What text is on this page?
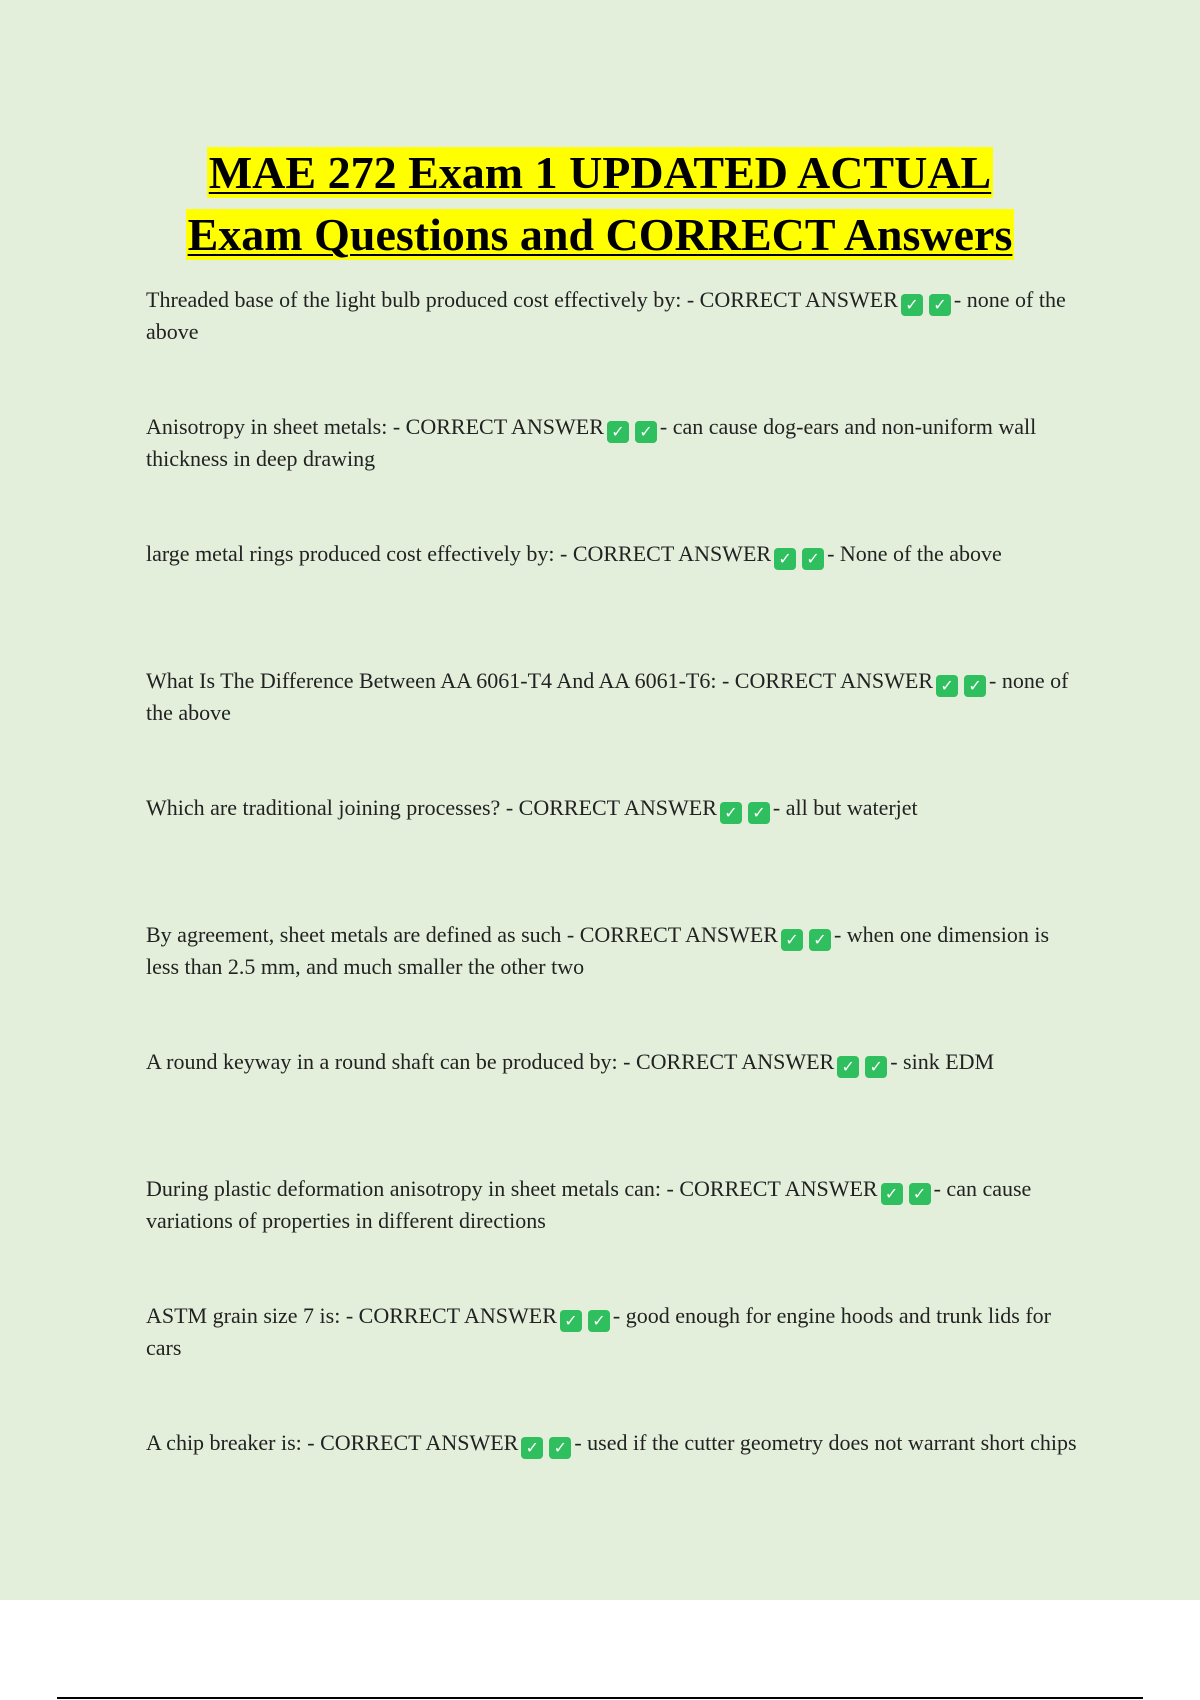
MAE 272 Exam 1 UPDATED ACTUAL
Exam Questions and CORRECT Answers

Threaded base of the light bulb produced cost effectively by: - CORRECT ANSWER ✓ ✓ - none of the above

Anisotropy in sheet metals: - CORRECT ANSWER ✓ ✓ - can cause dog-ears and non-uniform wall thickness in deep drawing

large metal rings produced cost effectively by: - CORRECT ANSWER ✓ ✓ - None of the above

What Is The Difference Between AA 6061-T4 And AA 6061-T6: - CORRECT ANSWER ✓ ✓ - none of the above

Which are traditional joining processes? - CORRECT ANSWER ✓ ✓ - all but waterjet

By agreement, sheet metals are defined as such - CORRECT ANSWER ✓ ✓ - when one dimension is less than 2.5 mm, and much smaller the other two

A round keyway in a round shaft can be produced by: - CORRECT ANSWER ✓ ✓ - sink EDM

During plastic deformation anisotropy in sheet metals can: - CORRECT ANSWER ✓ ✓ - can cause variations of properties in different directions

ASTM grain size 7 is: - CORRECT ANSWER ✓ ✓ - good enough for engine hoods and trunk lids for cars

A chip breaker is: - CORRECT ANSWER ✓ ✓ - used if the cutter geometry does not warrant short chips
